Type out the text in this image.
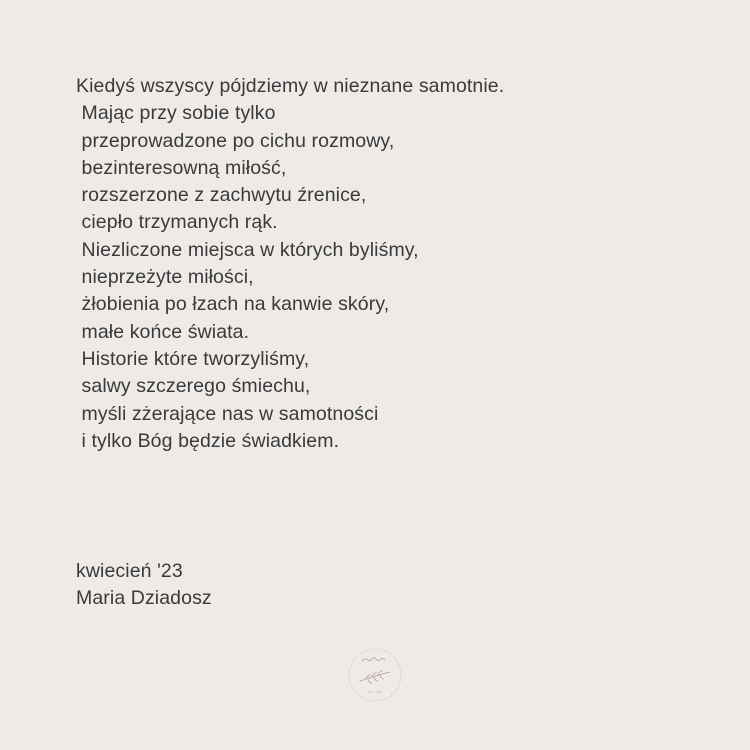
Kiedyś wszyscy pójdziemy w nieznane samotnie.
Mając przy sobie tylko
przeprowadzone po cichu rozmowy,
bezinteresowną miłość,
rozszerzone z zachwytu źrenice,
ciepło trzymanych rąk.
Niezliczone miejsca w których byliśmy,
nieprzeżyte miłości,
żłobienia po łzach na kanwie skóry,
małe końce świata.
Historie które tworzyliśmy,
salwy szczerego śmiechu,
myśli zżerające nas w samotności
i tylko Bóg będzie świadkiem.
kwiecień '23
Maria Dziadosz
